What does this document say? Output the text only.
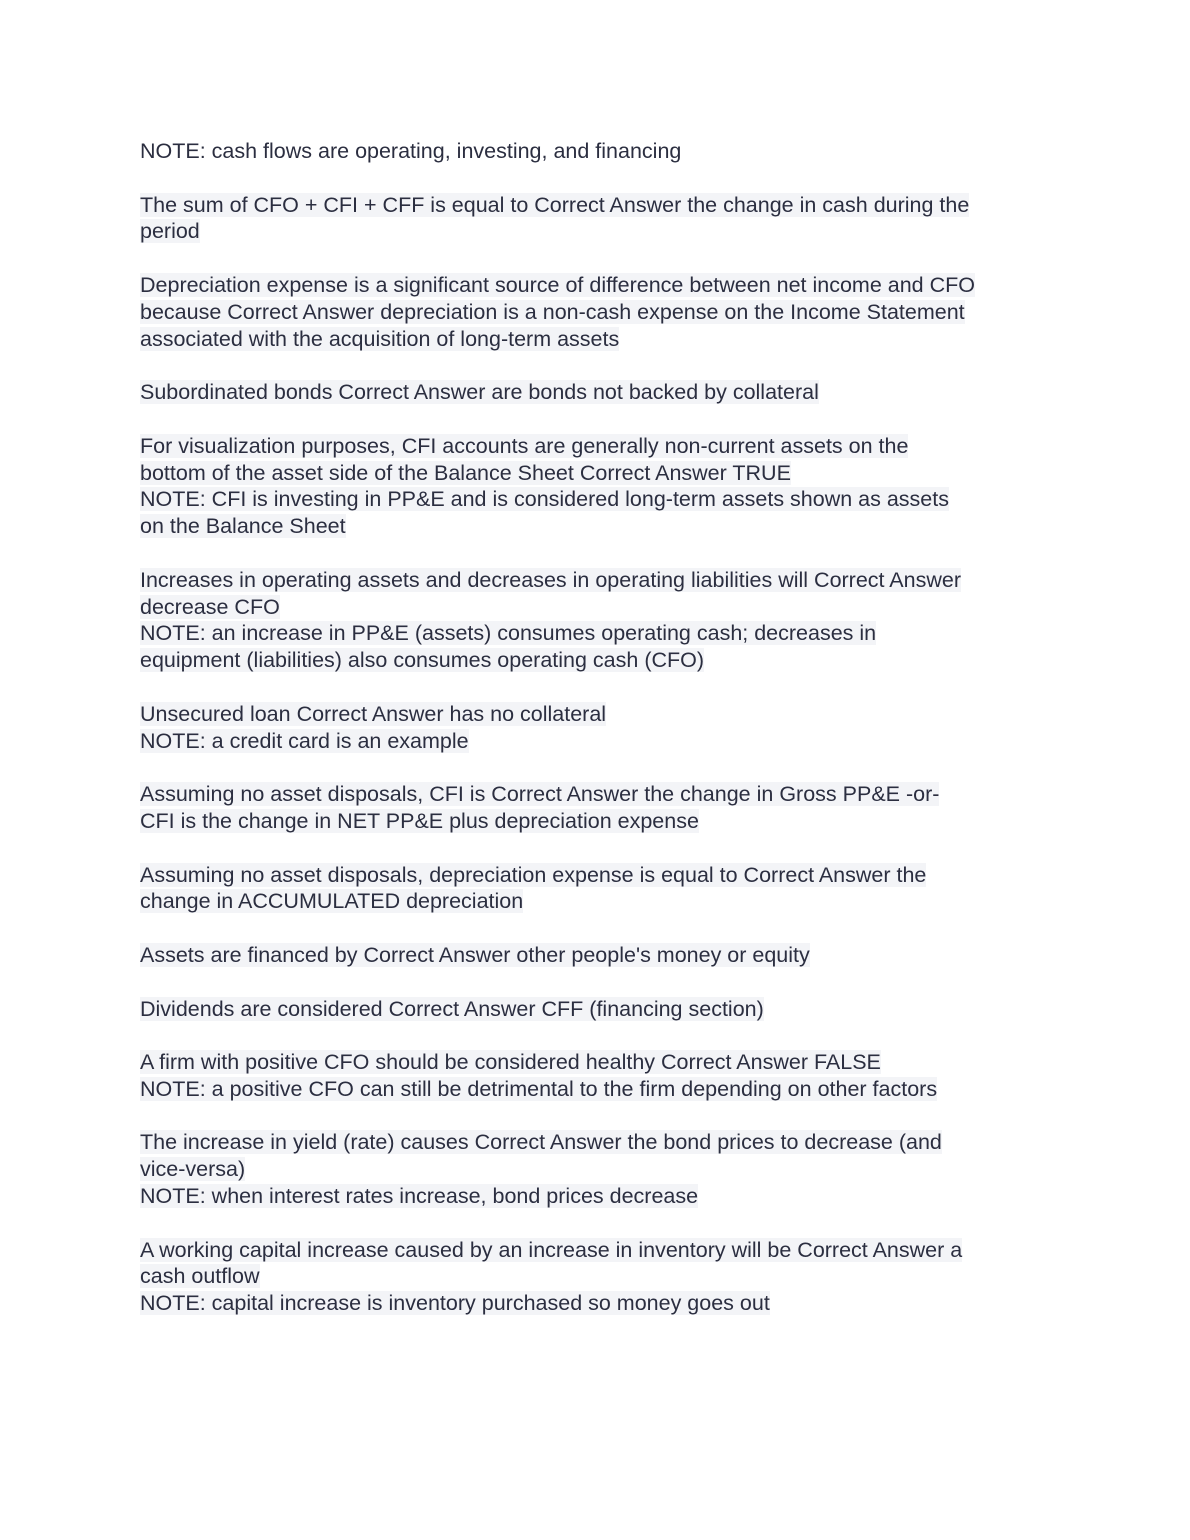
NOTE: cash flows are operating, investing, and financing
The sum of CFO + CFI + CFF is equal to Correct Answer the change in cash during the
period
Depreciation expense is a significant source of difference between net income and CFO
because Correct Answer depreciation is a non-cash expense on the Income Statement
associated with the acquisition of long-term assets
Subordinated bonds Correct Answer are bonds not backed by collateral
For visualization purposes, CFI accounts are generally non-current assets on the
bottom of the asset side of the Balance Sheet Correct Answer TRUE
NOTE: CFI is investing in PP&E and is considered long-term assets shown as assets
on the Balance Sheet
Increases in operating assets and decreases in operating liabilities will Correct Answer
decrease CFO
NOTE: an increase in PP&E (assets) consumes operating cash; decreases in
equipment (liabilities) also consumes operating cash (CFO)
Unsecured loan Correct Answer has no collateral
NOTE: a credit card is an example
Assuming no asset disposals, CFI is Correct Answer the change in Gross PP&E -or-
CFI is the change in NET PP&E plus depreciation expense
Assuming no asset disposals, depreciation expense is equal to Correct Answer the
change in ACCUMULATED depreciation
Assets are financed by Correct Answer other people's money or equity
Dividends are considered Correct Answer CFF (financing section)
A firm with positive CFO should be considered healthy Correct Answer FALSE
NOTE: a positive CFO can still be detrimental to the firm depending on other factors
The increase in yield (rate) causes Correct Answer the bond prices to decrease (and
vice-versa)
NOTE: when interest rates increase, bond prices decrease
A working capital increase caused by an increase in inventory will be Correct Answer a
cash outflow
NOTE: capital increase is inventory purchased so money goes out
